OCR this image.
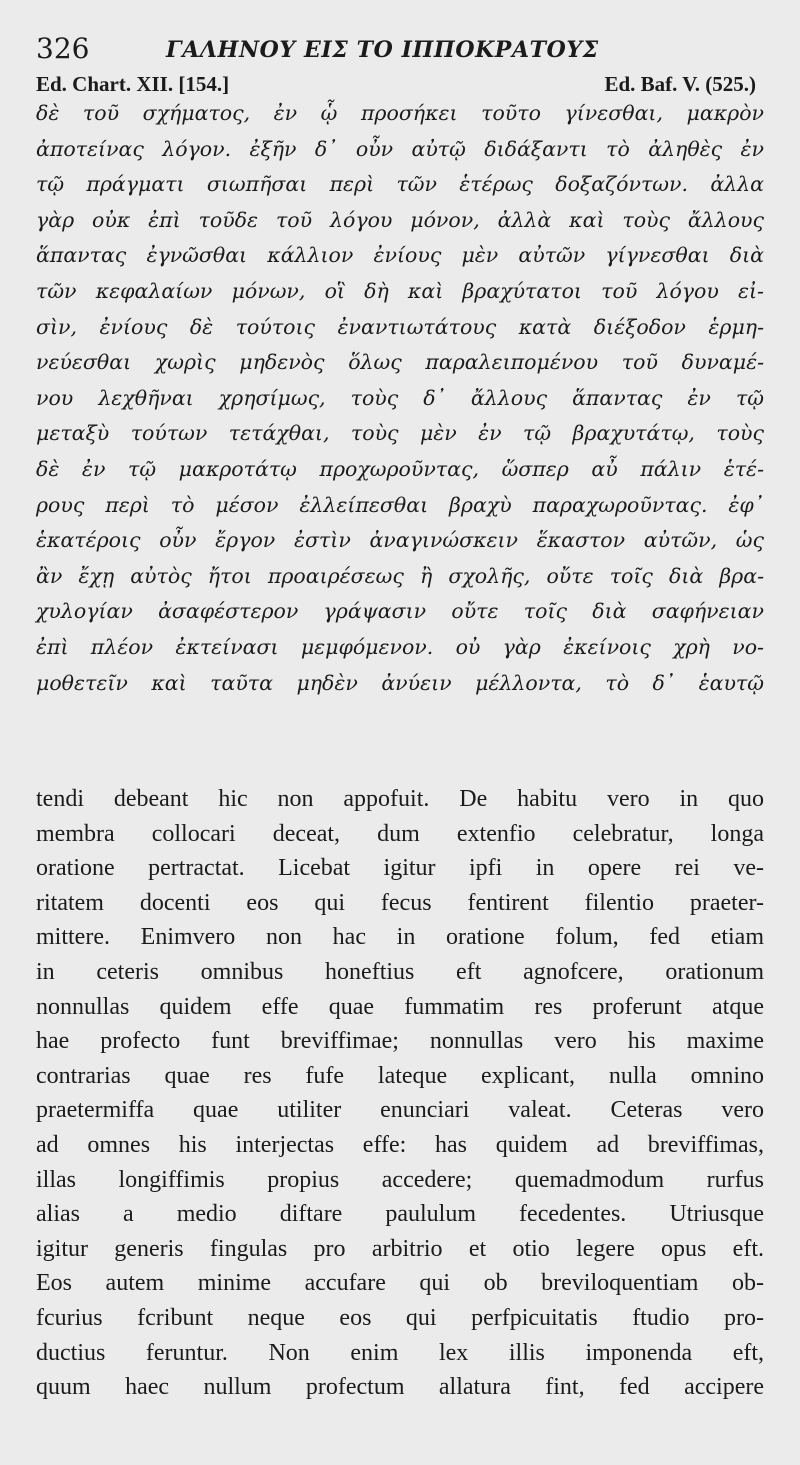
326	ΓΑΛΗΝΟΥ ΕΙΣ ΤΟ ΙΠΠΟΚΡΑΤΟΥΣ
Ed. Chart. XII. [154.]	Ed. Baf. V. (525.)
δὲ τοῦ σχήματος, ἐν ᾧ προσήκει τοῦτο γίνεσθαι, μακρὸν
ἀποτείνας λόγον. ἐξῆν δ᾽ οὖν αὐτῷ διδάξαντι τὸ ἀληθὲς ἐν
τῷ πράγματι σιωπῆσαι περὶ τῶν ἑτέρως δοξαζόντων. ἀλλα
γὰρ οὐκ ἐπὶ τοῦδε τοῦ λόγου μόνον, ἀλλὰ καὶ τοὺς ἄλλους
ἅπαντας ἐγνῶσθαι κάλλιον ἐνίους μὲν αὐτῶν γίγνεσθαι διὰ
τῶν κεφαλαίων μόνων, οἳ δὴ καὶ βραχύτατοι τοῦ λόγου εἰ-
σὶν, ἐνίους δὲ τούτοις ἐναντιωτάτους κατὰ διέξοδον ἑρμη-
νεύεσθαι χωρὶς μηδενὸς ὅλως παραλειπομένου τοῦ δυναμέ-
νου λεχθῆναι χρησίμως, τοὺς δ᾽ ἄλλους ἅπαντας ἐν τῷ
μεταξὺ τούτων τετάχθαι, τοὺς μὲν ἐν τῷ βραχυτάτῳ, τοὺς
δὲ ἐν τῷ μακροτάτῳ προχωροῦντας, ὥσπερ αὖ πάλιν ἑτέ-
ρους περὶ τὸ μέσον ἐλλείπεσθαι βραχὺ παραχωροῦντας. ἐφ᾽
ἑκατέροις οὖν ἔργον ἐστὶν ἀναγινώσκειν ἕκαστον αὐτῶν, ὡς
ἂν ἔχῃ αὐτὸς ἤτοι προαιρέσεως ἢ σχολῆς, οὔτε τοῖς διὰ βρα-
χυλογίαν ἀσαφέστερον γράψασιν οὔτε τοῖς διὰ σαφήνειαν
ἐπὶ πλέον ἐκτείνασι μεμφόμενον. οὐ γὰρ ἐκείνοις χρὴ νο-
μοθετεῖν καὶ ταῦτα μηδὲν ἀνύειν μέλλοντα, τὸ δ᾽ ἑαυτῷ
tendi debeant hic non appofuit. De habitu vero in quo
membra collocari deceat, dum extenfio celebratur, longa
oratione pertractat. Licebat igitur ipfi in opere rei ve-
ritatem docenti eos qui fecus fentirent filentio praeter-
mittere. Enimvero non hac in oratione folum, fed etiam
in ceteris omnibus honeftius eft agnofcere, orationum
nonnullas quidem effe quae fummatim res proferunt atque
hae profecto funt breviffimae; nonnullas vero his maxime
contrarias quae res fufe lateque explicant, nulla omnino
praetermiffa quae utiliter enunciari valeat. Ceteras vero
ad omnes his interjectas effe: has quidem ad breviffimas,
illas longiffimis propius accedere; quemadmodum rurfus
alias a medio diftare paululum fecedentes. Utriusque
igitur generis fingulas pro arbitrio et otio legere opus eft.
Eos autem minime accufare qui ob breviloquentiam ob-
fcurius fcribunt neque eos qui perfpicuitatis ftudio pro-
ductius feruntur. Non enim lex illis imponenda eft,
quum haec nullum profectum allatura fint, fed accipere
